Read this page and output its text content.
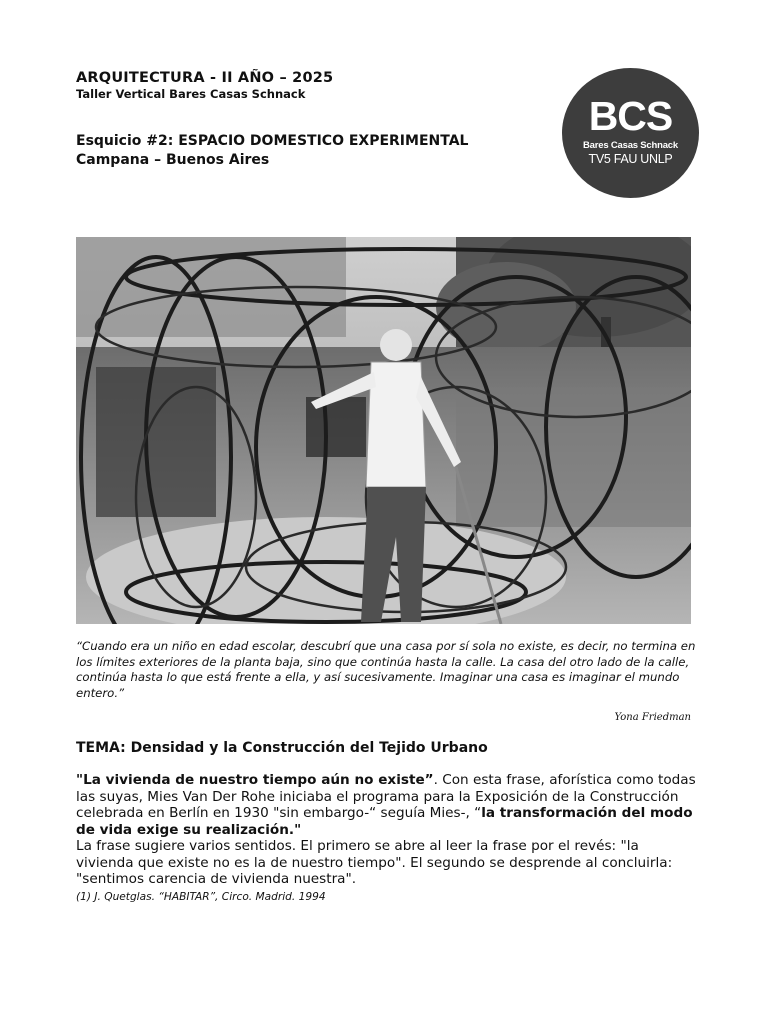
ARQUITECTURA - II AÑO – 2025
Taller Vertical Bares Casas Schnack
Esquicio #2: ESPACIO DOMESTICO EXPERIMENTAL
Campana – Buenos Aires
BCS
Bares Casas Schnack
TV5 FAU UNLP
“Cuando era un niño en edad escolar, descubrí que una casa por sí sola no existe, es decir, no termina en los límites exteriores de la planta baja, sino que continúa hasta la calle. La casa del otro lado de la calle, continúa hasta lo que está frente a ella, y así sucesivamente. Imaginar una casa es imaginar el mundo entero.”
Yona Friedman
TEMA: Densidad y la Construcción del Tejido Urbano
"La vivienda de nuestro tiempo aún no existe”. Con esta frase, aforística como todas las suyas, Mies Van Der Rohe iniciaba el programa para la Exposición de la Construcción celebrada en Berlín en 1930 "sin embargo-“ seguía Mies-, “la transformación del modo de vida exige su realización."
La frase sugiere varios sentidos. El primero se abre al leer la frase por el revés: "la vivienda que existe no es la de nuestro tiempo". El segundo se desprende al concluirla: "sentimos carencia de vivienda nuestra".
(1) J. Quetglas. “HABITAR”, Circo. Madrid. 1994
